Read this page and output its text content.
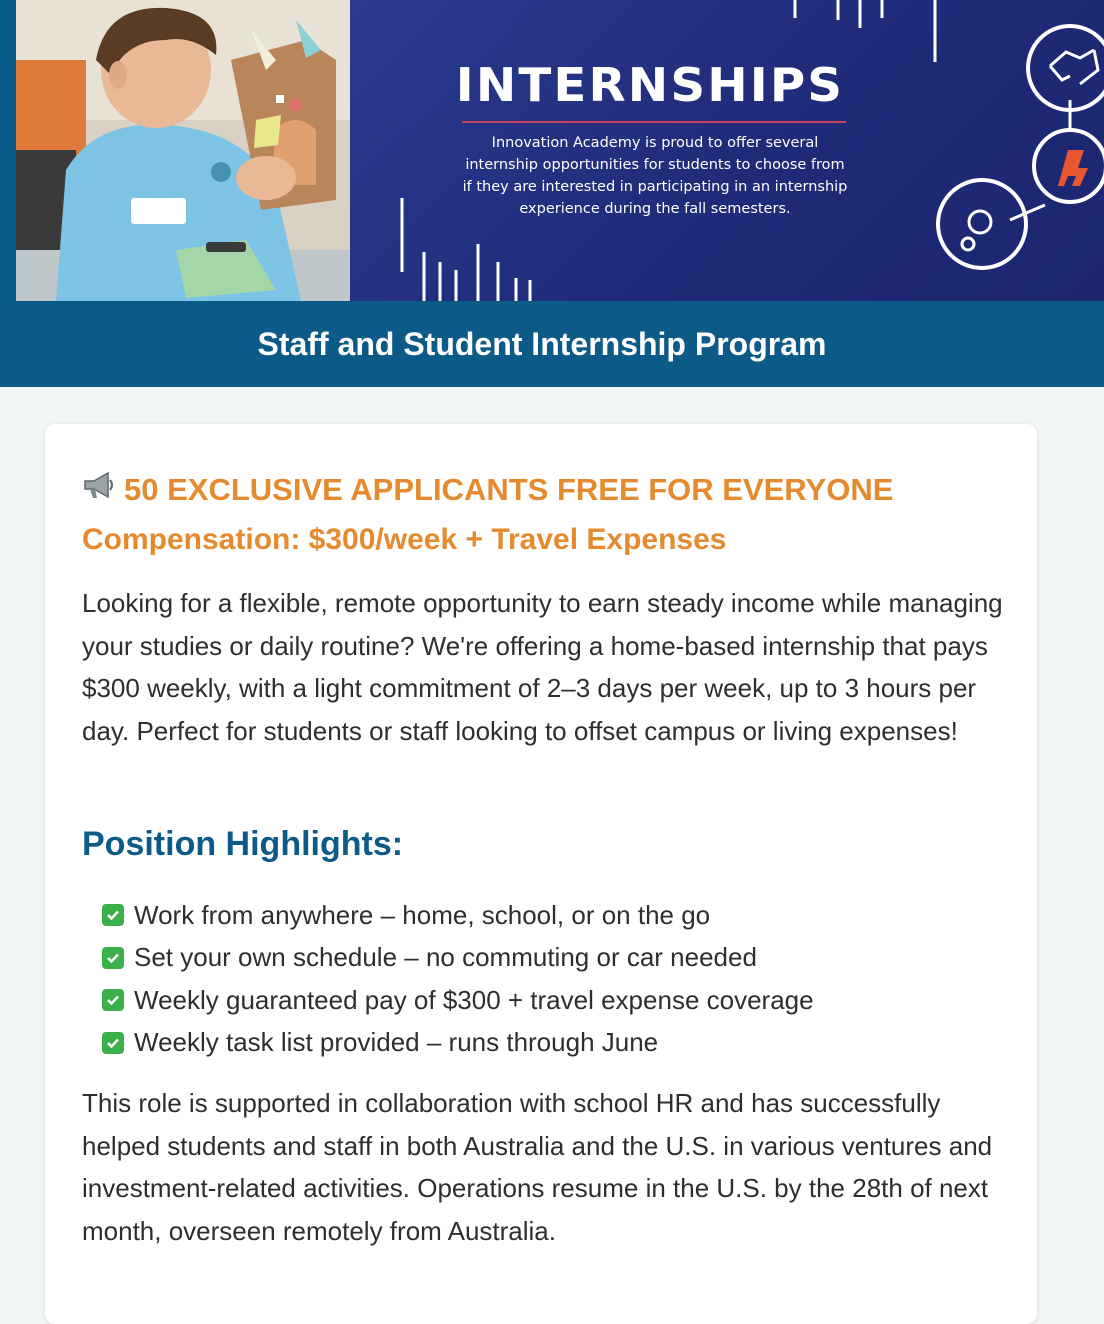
INTERNSHIPS
Innovation Academy is proud to offer several internship opportunities for students to choose from if they are interested in participating in an internship experience during the fall semesters.
Staff and Student Internship Program
50 EXCLUSIVE APPLICANTS FREE FOR EVERYONE
Compensation: $300/week + Travel Expenses
Looking for a flexible, remote opportunity to earn steady income while managing your studies or daily routine? We're offering a home-based internship that pays $300 weekly, with a light commitment of 2–3 days per week, up to 3 hours per day. Perfect for students or staff looking to offset campus or living expenses!
Position Highlights:
Work from anywhere – home, school, or on the go
Set your own schedule – no commuting or car needed
Weekly guaranteed pay of $300 + travel expense coverage
Weekly task list provided – runs through June
This role is supported in collaboration with school HR and has successfully helped students and staff in both Australia and the U.S. in various ventures and investment-related activities. Operations resume in the U.S. by the 28th of next month, overseen remotely from Australia.
